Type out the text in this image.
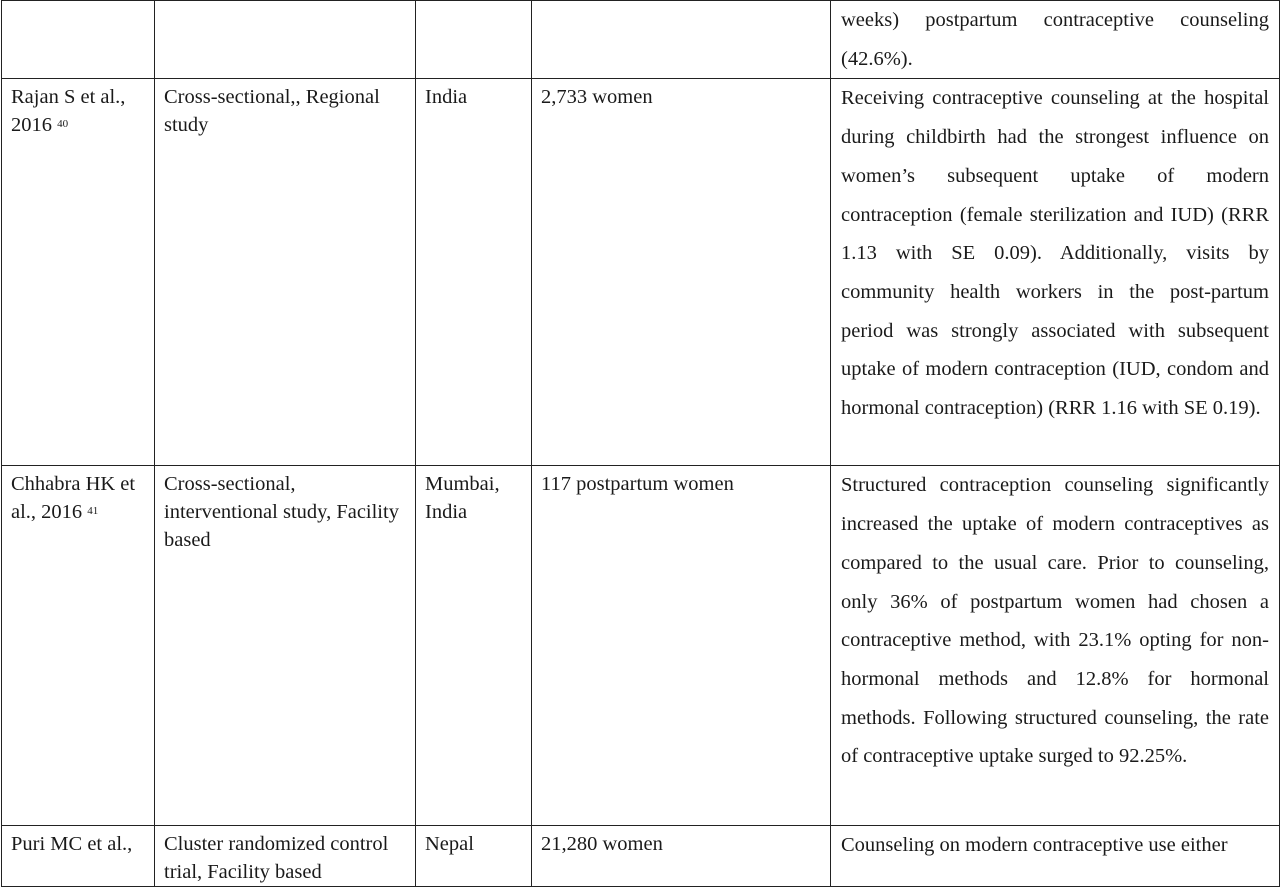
				weeks) postpartum contraceptive counseling (42.6%).
Rajan S et al., 2016 $^{40}$	Cross-sectional,, Regional study	India	2,733 women	Receiving contraceptive counseling at the hospital during childbirth had the strongest influence on women’s subsequent uptake of modern contraception (female sterilization and IUD) (RRR 1.13 with SE 0.09). Additionally, visits by community health workers in the post-partum period was strongly associated with subsequent uptake of modern contraception (IUD, condom and hormonal contraception) (RRR 1.16 with SE 0.19).
Chhabra HK et al., 2016 $^{41}$	Cross-sectional, interventional study, Facility based	Mumbai, India	117 postpartum women	Structured contraception counseling significantly increased the uptake of modern contraceptives as compared to the usual care. Prior to counseling, only 36% of postpartum women had chosen a contraceptive method, with 23.1% opting for non-hormonal methods and 12.8% for hormonal methods. Following structured counseling, the rate of contraceptive uptake surged to 92.25%.
Puri MC et al.,	Cluster randomized control trial, Facility based	Nepal	21,280 women	Counseling on modern contraceptive use either
